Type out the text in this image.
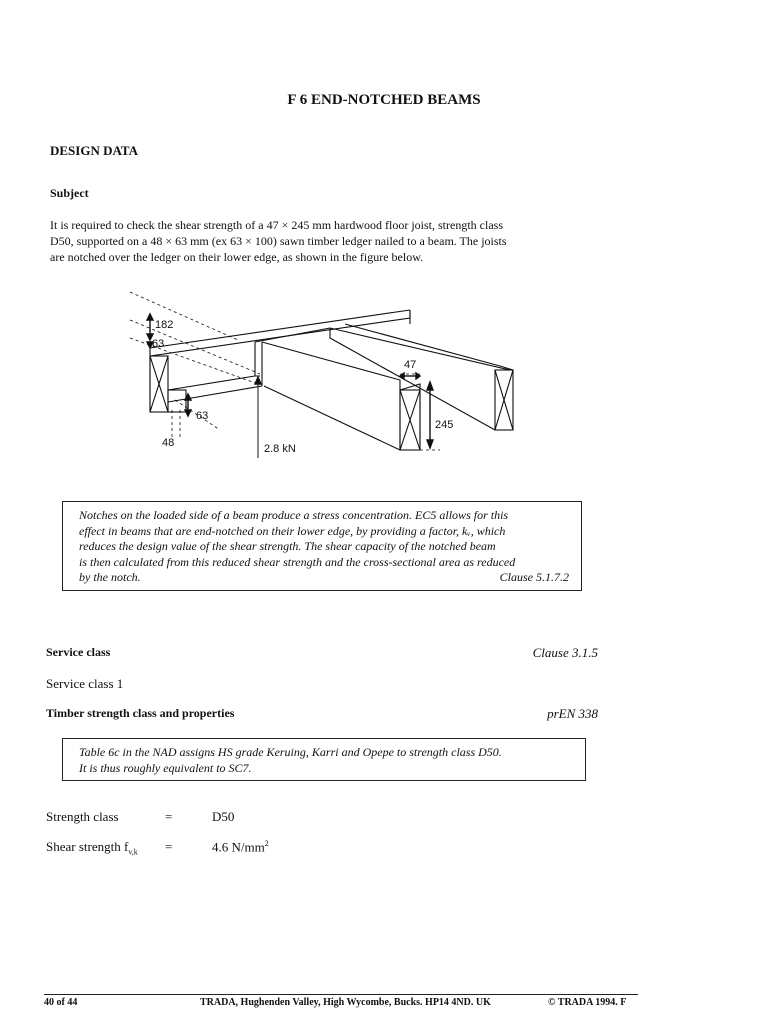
F 6 END-NOTCHED BEAMS
DESIGN DATA
Subject
It is required to check the shear strength of a 47 × 245 mm hardwood floor joist, strength class
D50, supported on a 48 × 63 mm (ex 63 × 100) sawn timber ledger nailed to a beam. The joists
are notched over the ledger on their lower edge, as shown in the figure below.
182
63
47
245
63
48	2.8 kN
Notches on the loaded side of a beam produce a stress concentration. EC5 allows for this
effect in beams that are end-notched on their lower edge, by providing a factor, kᵥ, which
reduces the design value of the shear strength. The shear capacity of the notched beam
is then calculated from this reduced shear strength and the cross-sectional area as reduced
by the notch.	Clause 5.1.7.2
Service class	Clause 3.1.5
Service class 1
Timber strength class and properties	prEN 338
Table 6c in the NAD assigns HS grade Keruing, Karri and Opepe to strength class D50.
It is thus roughly equivalent to SC7.
Strength class	=	D50
Shear strength $f_{v,k}$ =	4.6 $N/mm^2$
40 of 44	TRADA, Hughenden Valley, High Wycombe, Bucks. HP14 4ND. UK	© TRADA 1994. F
